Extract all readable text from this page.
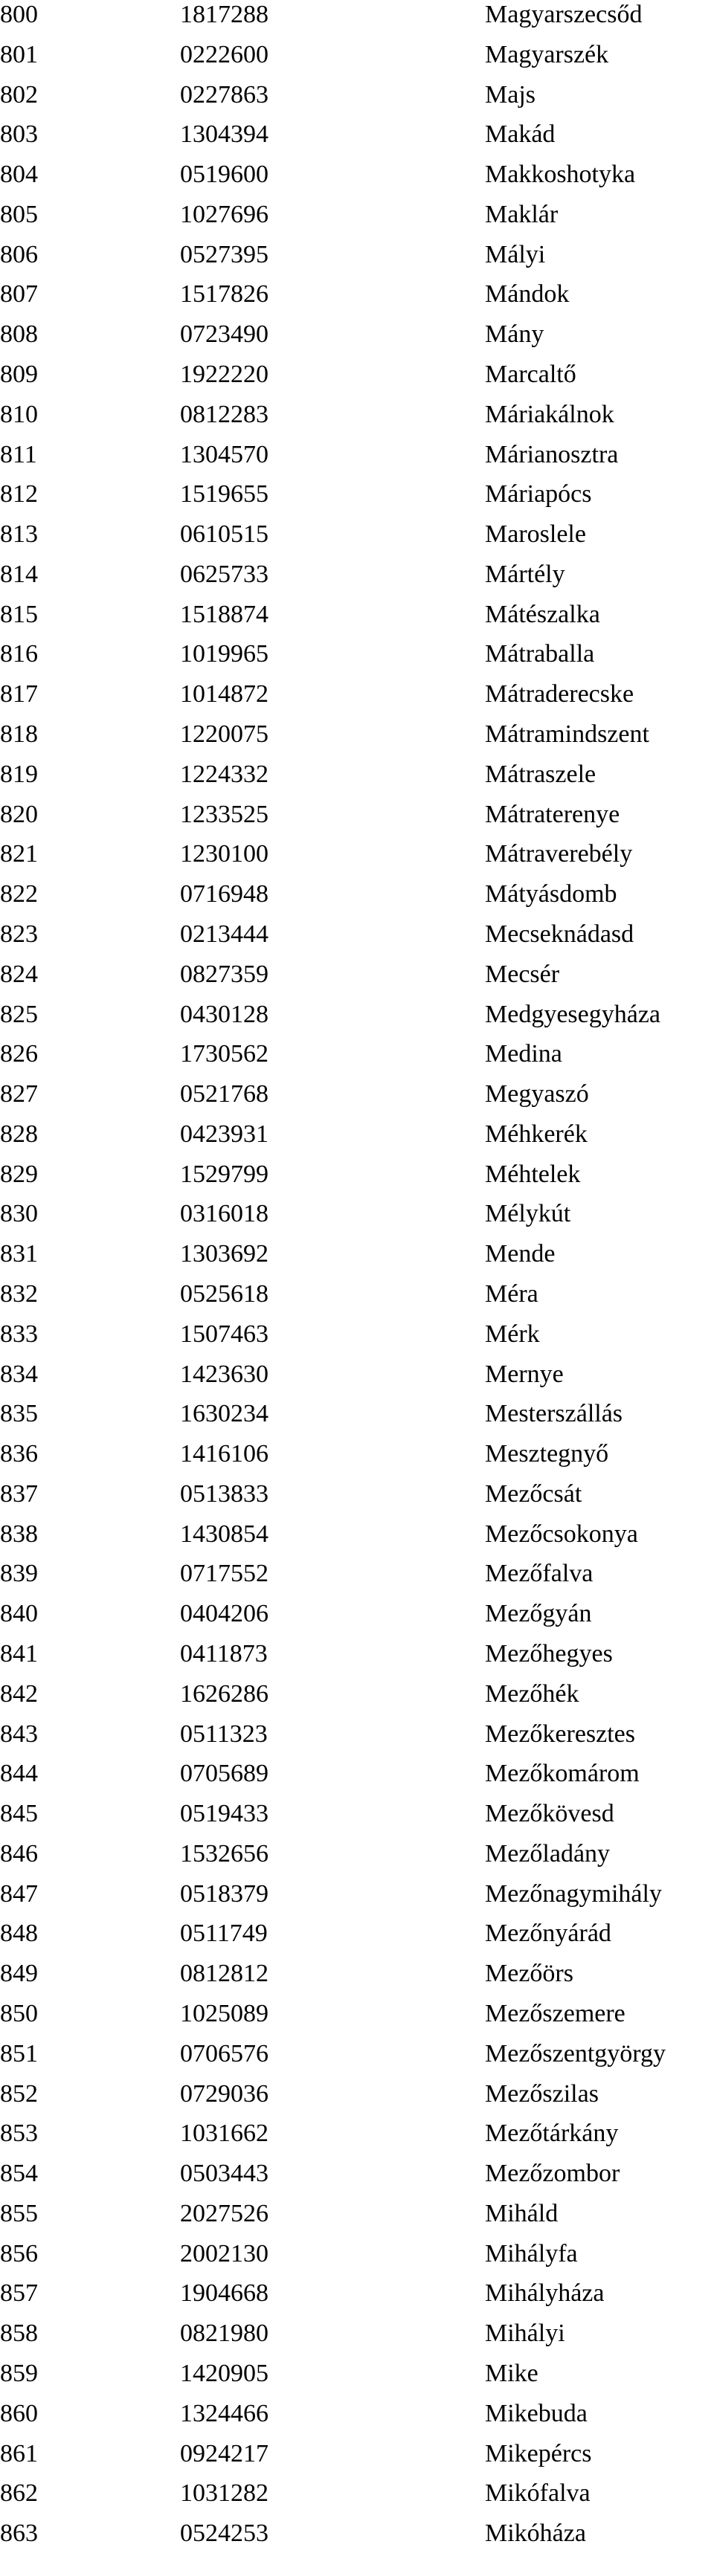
800	1817288	Magyarszecsőd
801	0222600	Magyarszék
802	0227863	Majs
803	1304394	Makád
804	0519600	Makkoshotyka
805	1027696	Maklár
806	0527395	Mályi
807	1517826	Mándok
808	0723490	Mány
809	1922220	Marcaltő
810	0812283	Máriakálnok
811	1304570	Márianosztra
812	1519655	Máriapócs
813	0610515	Maroslele
814	0625733	Mártély
815	1518874	Mátészalka
816	1019965	Mátraballa
817	1014872	Mátraderecske
818	1220075	Mátramindszent
819	1224332	Mátraszele
820	1233525	Mátraterenye
821	1230100	Mátraverebély
822	0716948	Mátyásdomb
823	0213444	Mecseknádasd
824	0827359	Mecsér
825	0430128	Medgyesegyháza
826	1730562	Medina
827	0521768	Megyaszó
828	0423931	Méhkerék
829	1529799	Méhtelek
830	0316018	Mélykút
831	1303692	Mende
832	0525618	Méra
833	1507463	Mérk
834	1423630	Mernye
835	1630234	Mesterszállás
836	1416106	Mesztegnyő
837	0513833	Mezőcsát
838	1430854	Mezőcsokonya
839	0717552	Mezőfalva
840	0404206	Mezőgyán
841	0411873	Mezőhegyes
842	1626286	Mezőhék
843	0511323	Mezőkeresztes
844	0705689	Mezőkomárom
845	0519433	Mezőkövesd
846	1532656	Mezőladány
847	0518379	Mezőnagymihály
848	0511749	Mezőnyárád
849	0812812	Mezőörs
850	1025089	Mezőszemere
851	0706576	Mezőszentgyörgy
852	0729036	Mezőszilas
853	1031662	Mezőtárkány
854	0503443	Mezőzombor
855	2027526	Miháld
856	2002130	Mihályfa
857	1904668	Mihályháza
858	0821980	Mihályi
859	1420905	Mike
860	1324466	Mikebuda
861	0924217	Mikepércs
862	1031282	Mikófalva
863	0524253	Mikóháza
